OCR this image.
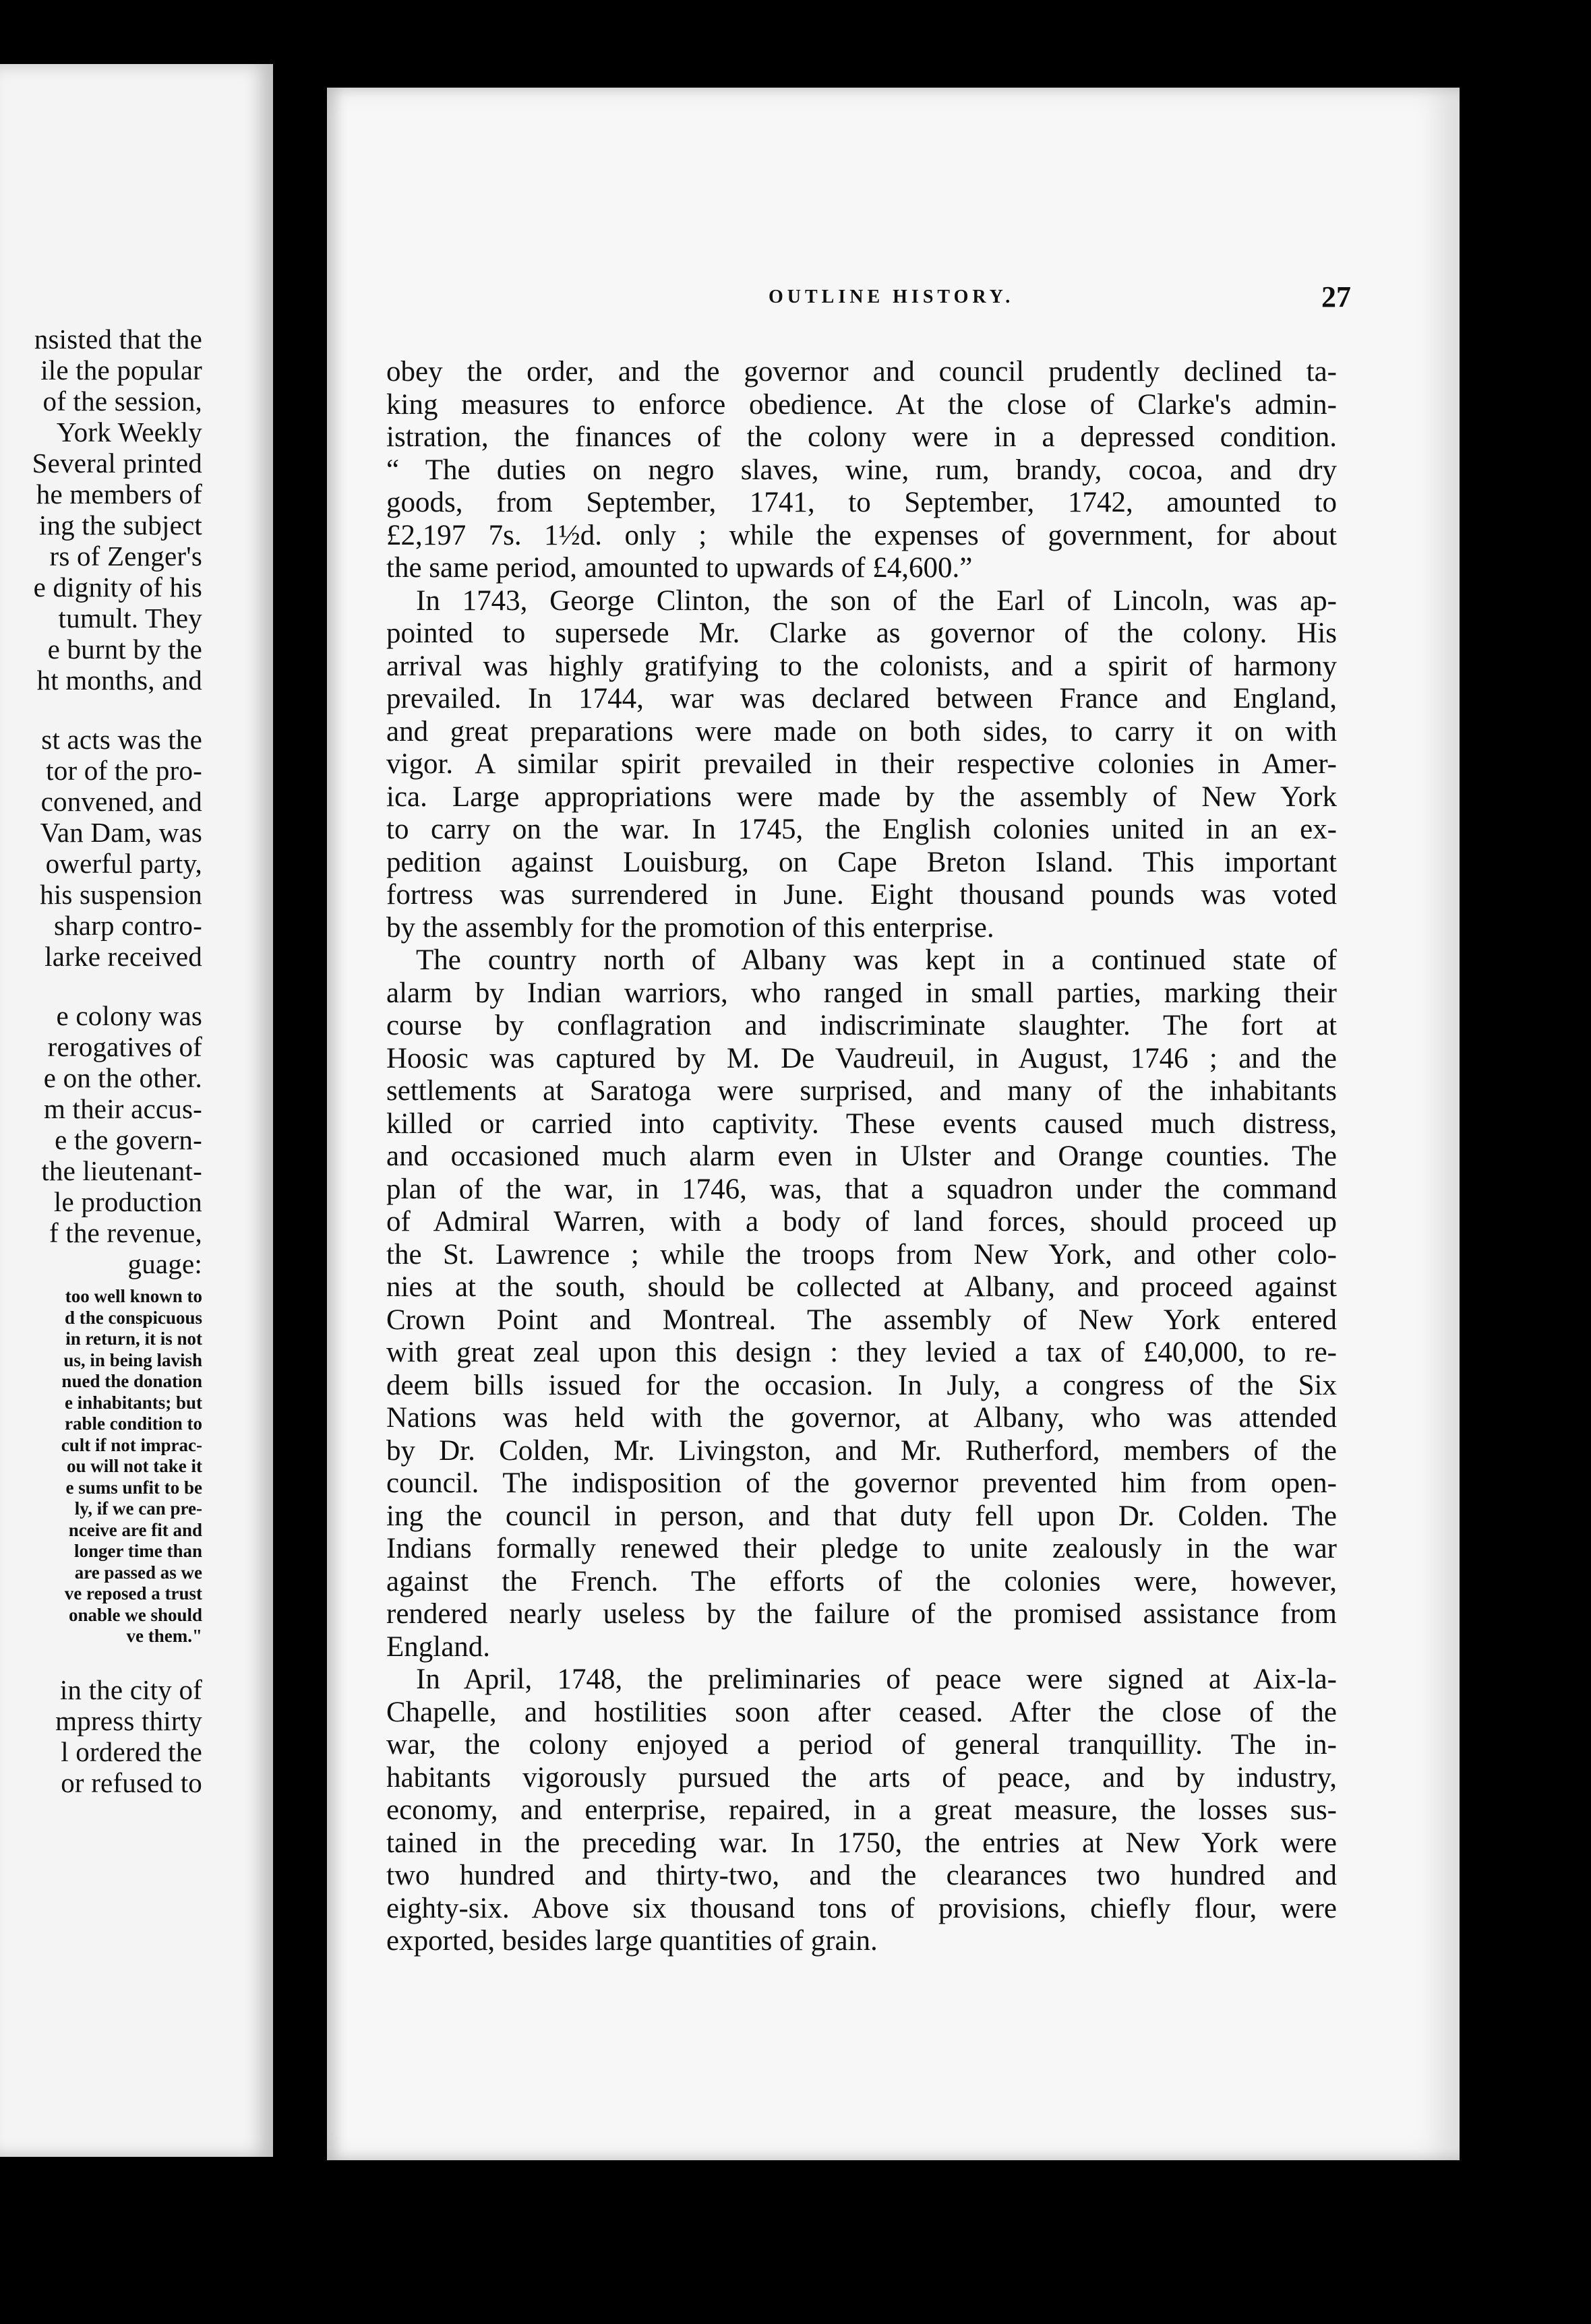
nsisted that the
ile the popular
of the session,
York Weekly
Several printed
he members of
ing the subject
rs of Zenger's
e dignity of his
tumult. They
e burnt by the
ht months, and
st acts was the
tor of the pro-
convened, and
Van Dam, was
owerful party,
his suspension
sharp contro-
larke received
e colony was
rerogatives of
e on the other.
m their accus-
e the govern-
the lieutenant-
le production
f the revenue,
guage:
too well known to
d the conspicuous
in return, it is not
us, in being lavish
nued the donation
e inhabitants; but
rable condition to
cult if not imprac-
ou will not take it
e sums unfit to be
ly, if we can pre-
nceive are fit and
longer time than
are passed as we
ve reposed a trust
onable we should
ve them."
in the city of
mpress thirty
l ordered the
or refused to
OUTLINE HISTORY.	27
obey the order, and the governor and council prudently declined ta-
king measures to enforce obedience. At the close of Clarke's admin-
istration, the finances of the colony were in a depressed condition.
“ The duties on negro slaves, wine, rum, brandy, cocoa, and dry
goods, from September, 1741, to September, 1742, amounted to
£2,197 7s. 1½d. only ; while the expenses of government, for about
the same period, amounted to upwards of £4,600.”
In 1743, George Clinton, the son of the Earl of Lincoln, was ap-
pointed to supersede Mr. Clarke as governor of the colony. His
arrival was highly gratifying to the colonists, and a spirit of harmony
prevailed. In 1744, war was declared between France and England,
and great preparations were made on both sides, to carry it on with
vigor. A similar spirit prevailed in their respective colonies in Amer-
ica. Large appropriations were made by the assembly of New York
to carry on the war. In 1745, the English colonies united in an ex-
pedition against Louisburg, on Cape Breton Island. This important
fortress was surrendered in June. Eight thousand pounds was voted
by the assembly for the promotion of this enterprise.
The country north of Albany was kept in a continued state of
alarm by Indian warriors, who ranged in small parties, marking their
course by conflagration and indiscriminate slaughter. The fort at
Hoosic was captured by M. De Vaudreuil, in August, 1746 ; and the
settlements at Saratoga were surprised, and many of the inhabitants
killed or carried into captivity. These events caused much distress,
and occasioned much alarm even in Ulster and Orange counties. The
plan of the war, in 1746, was, that a squadron under the command
of Admiral Warren, with a body of land forces, should proceed up
the St. Lawrence ; while the troops from New York, and other colo-
nies at the south, should be collected at Albany, and proceed against
Crown Point and Montreal. The assembly of New York entered
with great zeal upon this design : they levied a tax of £40,000, to re-
deem bills issued for the occasion. In July, a congress of the Six
Nations was held with the governor, at Albany, who was attended
by Dr. Colden, Mr. Livingston, and Mr. Rutherford, members of the
council. The indisposition of the governor prevented him from open-
ing the council in person, and that duty fell upon Dr. Colden. The
Indians formally renewed their pledge to unite zealously in the war
against the French. The efforts of the colonies were, however,
rendered nearly useless by the failure of the promised assistance from
England.
In April, 1748, the preliminaries of peace were signed at Aix-la-
Chapelle, and hostilities soon after ceased. After the close of the
war, the colony enjoyed a period of general tranquillity. The in-
habitants vigorously pursued the arts of peace, and by industry,
economy, and enterprise, repaired, in a great measure, the losses sus-
tained in the preceding war. In 1750, the entries at New York were
two hundred and thirty-two, and the clearances two hundred and
eighty-six. Above six thousand tons of provisions, chiefly flour, were
exported, besides large quantities of grain.
